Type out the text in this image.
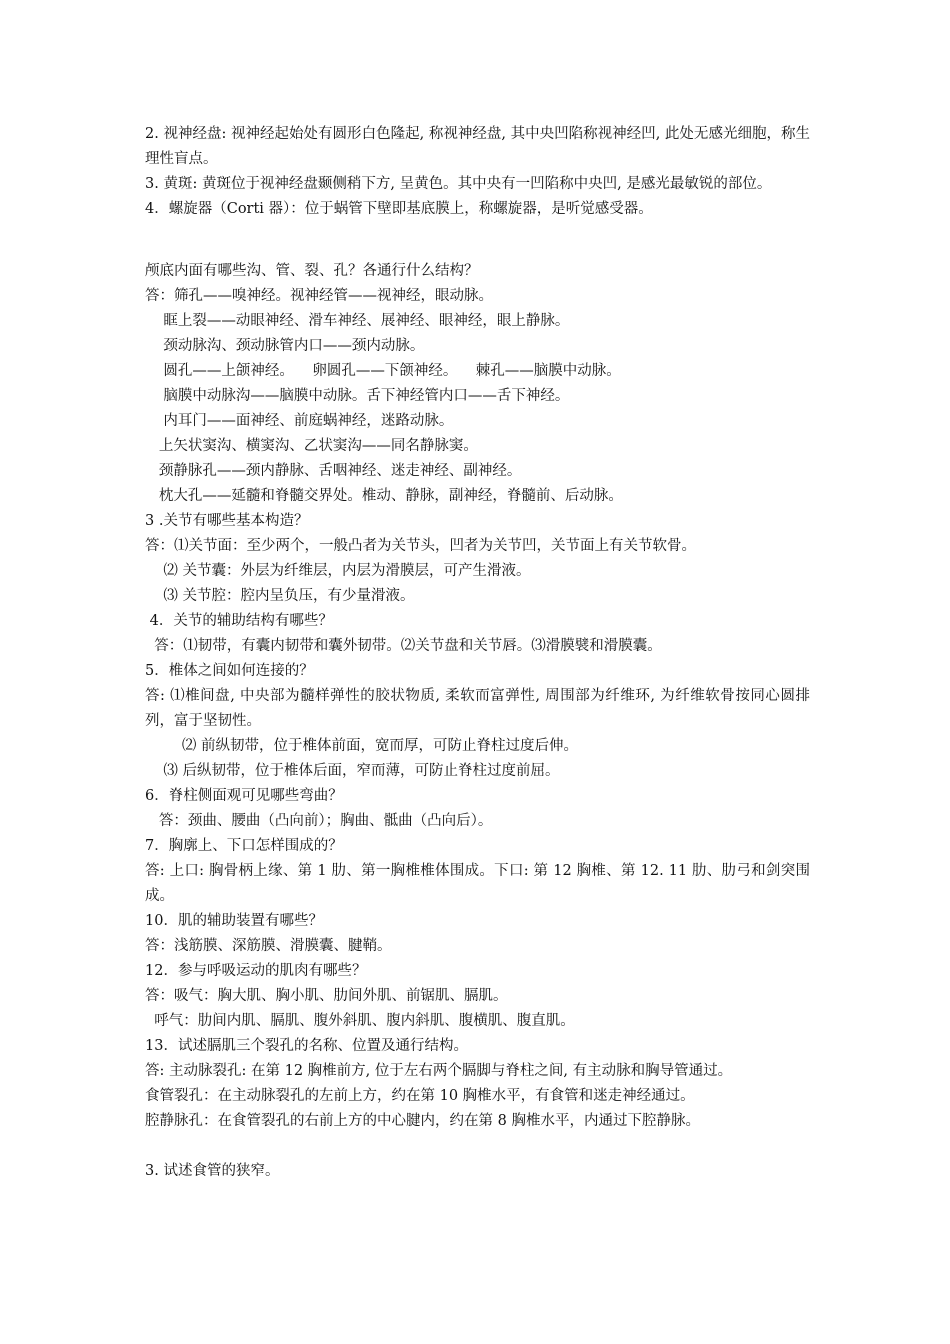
2. 视神经盘: 视神经起始处有圆形白色隆起, 称视神经盘, 其中央凹陷称视神经凹, 此处无感光细胞，称生理性盲点。
3. 黄斑: 黄斑位于视神经盘颞侧稍下方, 呈黄色。其中央有一凹陷称中央凹, 是感光最敏锐的部位。
4．螺旋器（Corti 器）：位于蜗管下壁即基底膜上，称螺旋器，是听觉感受器。
颅底内面有哪些沟、管、裂、孔？各通行什么结构？
答：筛孔——嗅神经。视神经管——视神经，眼动脉。
眶上裂——动眼神经、滑车神经、展神经、眼神经，眼上静脉。
颈动脉沟、颈动脉管内口——颈内动脉。
圆孔——上颌神经。    卵圆孔——下颌神经。    棘孔——脑膜中动脉。
脑膜中动脉沟——脑膜中动脉。舌下神经管内口——舌下神经。
内耳门——面神经、前庭蜗神经，迷路动脉。
上矢状窦沟、横窦沟、乙状窦沟——同名静脉窦。
颈静脉孔——颈内静脉、舌咽神经、迷走神经、副神经。
枕大孔——延髓和脊髓交界处。椎动、静脉，副神经，脊髓前、后动脉。
3 .关节有哪些基本构造？
答：⑴关节面：至少两个，一般凸者为关节头，凹者为关节凹，关节面上有关节软骨。
⑵ 关节囊：外层为纤维层，内层为滑膜层，可产生滑液。
⑶ 关节腔：腔内呈负压，有少量滑液。
4．关节的辅助结构有哪些？
答：⑴韧带，有囊内韧带和囊外韧带。⑵关节盘和关节唇。⑶滑膜襞和滑膜囊。
5．椎体之间如何连接的？
答: ⑴椎间盘, 中央部为髓样弹性的胶状物质, 柔软而富弹性, 周围部为纤维环, 为纤维软骨按同心圆排列，富于坚韧性。
⑵ 前纵韧带，位于椎体前面，宽而厚，可防止脊柱过度后伸。
⑶ 后纵韧带，位于椎体后面，窄而薄，可防止脊柱过度前屈。
6．脊柱侧面观可见哪些弯曲？
答：颈曲、腰曲（凸向前）；胸曲、骶曲（凸向后）。
7．胸廓上、下口怎样围成的？
答: 上口: 胸骨柄上缘、第 1 肋、第一胸椎椎体围成。下口: 第 12 胸椎、第 12. 11 肋、肋弓和剑突围成。
10．肌的辅助装置有哪些？
答：浅筋膜、深筋膜、滑膜囊、腱鞘。
12．参与呼吸运动的肌肉有哪些？
答：吸气：胸大肌、胸小肌、肋间外肌、前锯肌、膈肌。
呼气：肋间内肌、膈肌、腹外斜肌、腹内斜肌、腹横肌、腹直肌。
13．试述膈肌三个裂孔的名称、位置及通行结构。
答: 主动脉裂孔: 在第 12 胸椎前方, 位于左右两个膈脚与脊柱之间, 有主动脉和胸导管通过。
食管裂孔：在主动脉裂孔的左前上方，约在第 10 胸椎水平，有食管和迷走神经通过。
腔静脉孔：在食管裂孔的右前上方的中心腱内，约在第 8 胸椎水平，内通过下腔静脉。
3. 试述食管的狭窄。
